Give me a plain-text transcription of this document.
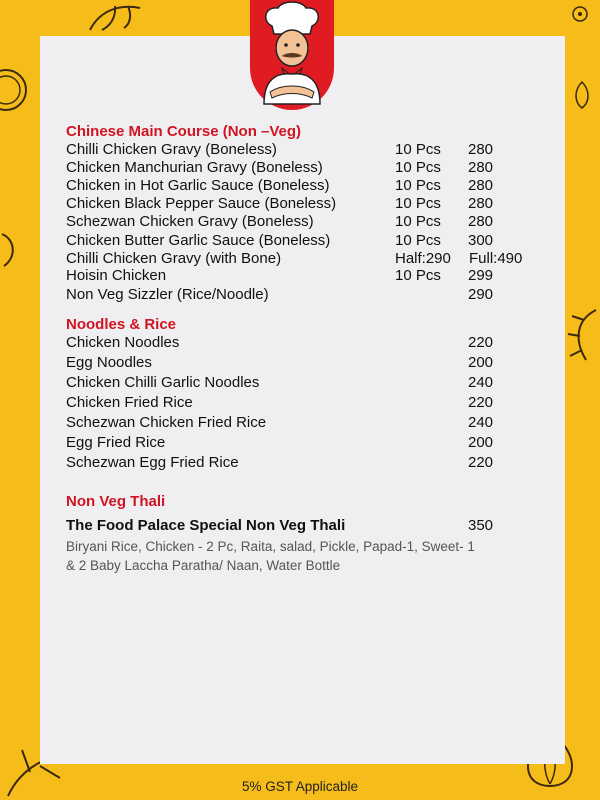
Chinese Main Course (Non –Veg)
Chilli Chicken Gravy (Boneless)	10 Pcs 280
Chicken Manchurian Gravy (Boneless)	10 Pcs 280
Chicken in Hot Garlic Sauce (Boneless)	10 Pcs 280
Chicken Black Pepper Sauce (Boneless)	10 Pcs 280
Schezwan Chicken Gravy (Boneless)	10 Pcs 280
Chicken Butter Garlic Sauce (Boneless)	10 Pcs 300
Chilli Chicken Gravy (with Bone)	Half:290 Full:490
Hoisin Chicken	10 Pcs 299
Non Veg Sizzler (Rice/Noodle)	290
Noodles & Rice
Chicken Noodles	220
Egg Noodles	200
Chicken Chilli Garlic Noodles	240
Chicken Fried Rice	220
Schezwan Chicken Fried Rice	240
Egg Fried Rice	200
Schezwan Egg Fried Rice	220
Non Veg Thali
The Food Palace Special Non Veg Thali	350
Biryani Rice, Chicken - 2 Pc, Raita, salad, Pickle, Papad-1, Sweet- 1 & 2 Baby Laccha Paratha/ Naan, Water Bottle
5% GST Applicable
